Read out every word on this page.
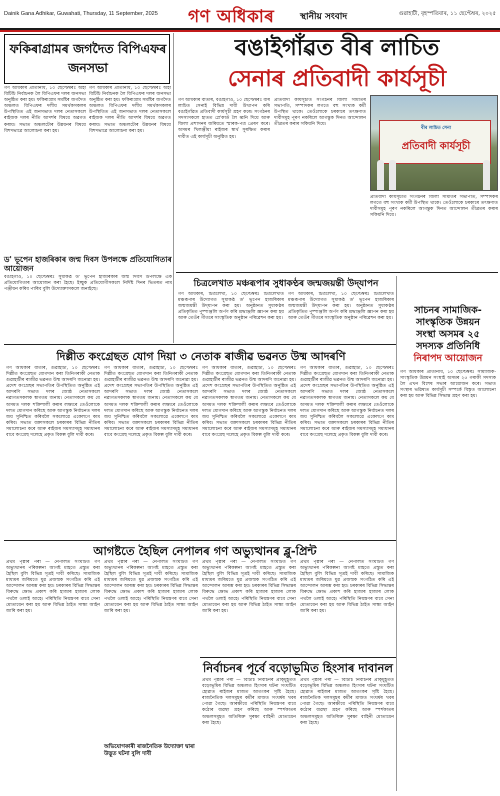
Dainik Gana Adhikar, Guwahati, Thursday, 11 September, 2025 গণ অধিকাৰ	স্থানীয় সংবাদ	গুৱাহাটী, বৃহস্পতিবাৰ, ১১ ছেপ্টেম্বৰ, ২০২৫
ফকিৰাগ্ৰামৰ জগদৈত বিপিএফৰ জনসভা
গণ অধিকাৰ প্ৰতিনিধি, ১০ ছেপ্টেম্বৰঃ অহা বিটিচি নিৰ্বাচনক লৈ বিপিএফৰ দলৰ জনসভা অনুষ্ঠিত কৰা হয়। ফকিৰাগ্ৰাম সমষ্টিৰ জগদৈত অঞ্চলত বিপিএফৰ দলীয় সমৰ্থকসকলৰ উপস্থিতিত এই জনসভাত দলৰ নেতাসকলে ৰাইজক দলৰ নীতি আদৰ্শৰ বিষয়ে অৱগত কৰায়। সভাত অঞ্চলটোৰ উন্নয়নৰ বিষয়ে বিশদভাৱে আলোচনা কৰা হয়।
গণ অধিকাৰ প্ৰতিনিধি, ১০ ছেপ্টেম্বৰঃ অহা বিটিচি নিৰ্বাচনক লৈ বিপিএফৰ দলৰ জনসভা অনুষ্ঠিত কৰা হয়। ফকিৰাগ্ৰাম সমষ্টিৰ জগদৈত অঞ্চলত বিপিএফৰ দলীয় সমৰ্থকসকলৰ উপস্থিতিত এই জনসভাত দলৰ নেতাসকলে ৰাইজক দলৰ নীতি আদৰ্শৰ বিষয়ে অৱগত কৰায়। সভাত অঞ্চলটোৰ উন্নয়নৰ বিষয়ে বিশদভাৱে আলোচনা কৰা হয়।
ড' ভূপেন হাজৰিকাৰ জন্ম দিবস উপলক্ষে প্ৰতিযোগিতাৰ আয়োজন
বঙাইগাঁও, ১০ ছেপ্টেম্বৰঃ সুধাকণ্ঠ ড' ভূপেন হাজৰিকাৰ জন্ম দিবস উপলক্ষে এক প্ৰতিযোগিতাৰ আয়োজন কৰা হৈছে। ইচ্ছুক প্ৰতিযোগীসকলে নিৰ্দিষ্ট দিনৰ ভিতৰত নাম পঞ্জীয়ন কৰিব পাৰিব বুলি উদ্যোক্তাসকলে জনাইছে।
বঙাইগাঁৱত বীৰ লাচিত
সেনাৰ প্ৰতিবাদী কাৰ্যসূচী
গণ অধিকাৰ বাতৰি, বঙাইগাঁও, ১০ ছেপ্টেম্বৰঃ বীৰ লাচিত সেনাই বিভিন্ন দাবী উত্থাপন কৰি বঙাইগাঁৱত প্ৰতিবাদী কাৰ্যসূচী গ্ৰহণ কৰে। সংগঠনৰ সদস্যসকলে হাতত প্লে'কাৰ্ড লৈ ধ্বনি দিয়ে আৰু জিলা প্ৰশাসনৰ জৰিয়তে স্মাৰক-পত্ৰ প্ৰেৰণ কৰে। অসমৰ খিলঞ্জীয়া ৰাইজৰ স্বাৰ্থ সুৰক্ষিত কৰাৰ দাবীত এই কাৰ্যসূচী অনুষ্ঠিত হয়।
প্ৰতিবাদী কাৰ্যসূচীত সংগঠনৰ জিলা সমিতিৰ সভাপতি, সম্পাদকৰ লগতে বহু সংখ্যক কৰ্মী উপস্থিত থাকে। তেওঁলোকে চৰকাৰে তৎক্ষণাত দাবীসমূহ পূৰণ নকৰিলে আগন্তুক দিনত আন্দোলন তীব্ৰতৰ কৰাৰ সকিয়নি দিয়ে।
বীৰ লাচিত সেনা
প্ৰতিবাদী কাৰ্যসূচী
প্ৰতিবাদী কাৰ্যসূচীত সংগঠনৰ জিলা সমিতিৰ সভাপতি, সম্পাদকৰ লগতে বহু সংখ্যক কৰ্মী উপস্থিত থাকে। তেওঁলোকে চৰকাৰে তৎক্ষণাত দাবীসমূহ পূৰণ নকৰিলে আগন্তুক দিনত আন্দোলন তীব্ৰতৰ কৰাৰ সকিয়নি দিয়ে।
চিত্ৰলেখাত মঞ্চৰূপাৰ সুধাকণ্ঠৰ জন্মজয়ন্তী উদ্‌যাপন
গণ অধিকাৰ, চিত্ৰলেখা, ১০ ছেপ্টেম্বৰঃ চিত্ৰলেখাত মঞ্চৰূপাৰ উদ্যোগত সুধাকণ্ঠ ড' ভূপেন হাজৰিকাৰ জন্মজয়ন্তী উদ্‌যাপন কৰা হয়। অনুষ্ঠানত সুধাকণ্ঠৰ প্ৰতিকৃতিত পুষ্পাঞ্জলি অৰ্পণ কৰি শ্ৰদ্ধাঞ্জলি জ্ঞাপন কৰা হয় আৰু তেওঁৰ গীতৰে সাংস্কৃতিক অনুষ্ঠান পৰিৱেশন কৰা হয়।
গণ অধিকাৰ, চিত্ৰলেখা, ১০ ছেপ্টেম্বৰঃ চিত্ৰলেখাত মঞ্চৰূপাৰ উদ্যোগত সুধাকণ্ঠ ড' ভূপেন হাজৰিকাৰ জন্মজয়ন্তী উদ্‌যাপন কৰা হয়। অনুষ্ঠানত সুধাকণ্ঠৰ প্ৰতিকৃতিত পুষ্পাঞ্জলি অৰ্পণ কৰি শ্ৰদ্ধাঞ্জলি জ্ঞাপন কৰা হয় আৰু তেওঁৰ গীতৰে সাংস্কৃতিক অনুষ্ঠান পৰিৱেশন কৰা হয়।
সাচনৰ সামাজিক-
সাংস্কৃতিক উন্নয়ন
সংস্থা অসমৰ ২৫
সদস্যক প্ৰতিনিধি
নিৰাপদ আয়োজন
গণ অধিকাৰ প্ৰতিনিধি, ১০ ছেপ্টেম্বৰঃ সামাজিক-সাংস্কৃতিক উন্নয়ন সংস্থাই অসমৰ ২৫ গৰাকী সদস্যক লৈ এখন বিশেষ সভাৰ আয়োজন কৰে। সভাত সংস্থাৰ ভৱিষ্যত কাৰ্যসূচী সম্পৰ্কে বিস্তৃত আলোচনা কৰা হয় আৰু বিভিন্ন সিদ্ধান্ত গ্ৰহণ কৰা হয়।
দিল্লীত কংগ্ৰেছত যোগ দিয়া ৩ নেতাক ৰাজীৱ ভৱনত উষ্ম আদৰণি
গণ অধিকাৰ বাতৰি, গুৱাহাটী, ১০ ছেপ্টেম্বৰঃ দিল্লীত কংগ্ৰেছত যোগদান কৰা তিনিগৰাকী নেতাক গুৱাহাটীৰ ৰাজীৱ ভৱনত উষ্ম আদৰণি জনোৱা হয়। প্ৰদেশ কংগ্ৰেছৰ সভাপতিৰ উপস্থিতিত অনুষ্ঠিত এই আদৰণি সভাত দলৰ জ্যেষ্ঠ নেতাসকলে নৱাগতসকলক স্বাগতম জনায়। নেতাসকলে কয় যে অসমত দলক শক্তিশালী কৰাৰ লক্ষ্যৰে তেওঁলোকে দলত যোগদান কৰিছে আৰু আগন্তুক নিৰ্বাচনত দলৰ জয় সুনিশ্চিত কৰিবলৈ সকলোৱে একেলগে কাম কৰিব। সভাত বক্তাসকলে চৰকাৰৰ বিভিন্ন নীতিৰ সমালোচনা কৰে আৰু ৰাইজৰ সমস্যাসমূহ সমাধানৰ বাবে কংগ্ৰেছ দলেহে প্ৰকৃত বিকল্প বুলি দাবী কৰে।
গণ অধিকাৰ বাতৰি, গুৱাহাটী, ১০ ছেপ্টেম্বৰঃ দিল্লীত কংগ্ৰেছত যোগদান কৰা তিনিগৰাকী নেতাক গুৱাহাটীৰ ৰাজীৱ ভৱনত উষ্ম আদৰণি জনোৱা হয়। প্ৰদেশ কংগ্ৰেছৰ সভাপতিৰ উপস্থিতিত অনুষ্ঠিত এই আদৰণি সভাত দলৰ জ্যেষ্ঠ নেতাসকলে নৱাগতসকলক স্বাগতম জনায়। নেতাসকলে কয় যে অসমত দলক শক্তিশালী কৰাৰ লক্ষ্যৰে তেওঁলোকে দলত যোগদান কৰিছে আৰু আগন্তুক নিৰ্বাচনত দলৰ জয় সুনিশ্চিত কৰিবলৈ সকলোৱে একেলগে কাম কৰিব। সভাত বক্তাসকলে চৰকাৰৰ বিভিন্ন নীতিৰ সমালোচনা কৰে আৰু ৰাইজৰ সমস্যাসমূহ সমাধানৰ বাবে কংগ্ৰেছ দলেহে প্ৰকৃত বিকল্প বুলি দাবী কৰে।
গণ অধিকাৰ বাতৰি, গুৱাহাটী, ১০ ছেপ্টেম্বৰঃ দিল্লীত কংগ্ৰেছত যোগদান কৰা তিনিগৰাকী নেতাক গুৱাহাটীৰ ৰাজীৱ ভৱনত উষ্ম আদৰণি জনোৱা হয়। প্ৰদেশ কংগ্ৰেছৰ সভাপতিৰ উপস্থিতিত অনুষ্ঠিত এই আদৰণি সভাত দলৰ জ্যেষ্ঠ নেতাসকলে নৱাগতসকলক স্বাগতম জনায়। নেতাসকলে কয় যে অসমত দলক শক্তিশালী কৰাৰ লক্ষ্যৰে তেওঁলোকে দলত যোগদান কৰিছে আৰু আগন্তুক নিৰ্বাচনত দলৰ জয় সুনিশ্চিত কৰিবলৈ সকলোৱে একেলগে কাম কৰিব। সভাত বক্তাসকলে চৰকাৰৰ বিভিন্ন নীতিৰ সমালোচনা কৰে আৰু ৰাইজৰ সমস্যাসমূহ সমাধানৰ বাবে কংগ্ৰেছ দলেহে প্ৰকৃত বিকল্প বুলি দাবী কৰে।
গণ অধিকাৰ বাতৰি, গুৱাহাটী, ১০ ছেপ্টেম্বৰঃ দিল্লীত কংগ্ৰেছত যোগদান কৰা তিনিগৰাকী নেতাক গুৱাহাটীৰ ৰাজীৱ ভৱনত উষ্ম আদৰণি জনোৱা হয়। প্ৰদেশ কংগ্ৰেছৰ সভাপতিৰ উপস্থিতিত অনুষ্ঠিত এই আদৰণি সভাত দলৰ জ্যেষ্ঠ নেতাসকলে নৱাগতসকলক স্বাগতম জনায়। নেতাসকলে কয় যে অসমত দলক শক্তিশালী কৰাৰ লক্ষ্যৰে তেওঁলোকে দলত যোগদান কৰিছে আৰু আগন্তুক নিৰ্বাচনত দলৰ জয় সুনিশ্চিত কৰিবলৈ সকলোৱে একেলগে কাম কৰিব। সভাত বক্তাসকলে চৰকাৰৰ বিভিন্ন নীতিৰ সমালোচনা কৰে আৰু ৰাইজৰ সমস্যাসমূহ সমাধানৰ বাবে কংগ্ৰেছ দলেহে প্ৰকৃত বিকল্প বুলি দাবী কৰে।
আগষ্টতে হৈছিল নেপালৰ গণ অভ্যুত্থানৰ ব্লু-প্ৰিন্ট
প্ৰথম পৃষ্ঠাৰ পৰা — নেপালত সংঘটিত গণ অভ্যুত্থানৰ পৰিকল্পনা আগষ্ট মাহতে প্ৰস্তুত কৰা হৈছিল বুলি বিভিন্ন সূত্ৰই দাবী কৰিছে। সামাজিক মাধ্যমৰ জৰিয়তে যুৱ প্ৰজন্মক সংগঠিত কৰি এই আন্দোলন আৰম্ভ কৰা হয়। চৰকাৰৰ বিভিন্ন সিদ্ধান্তৰ বিৰুদ্ধে ক্ষোভ প্ৰকাশ কৰি হাজাৰ হাজাৰ লোক পথলৈ ওলাই আহে। পৰিস্থিতি নিয়ন্ত্ৰণৰ বাবে সেনা মোতায়েন কৰা হয় আৰু বিভিন্ন ঠাইত সান্ধ্য আইন জাৰি কৰা হয়।
প্ৰথম পৃষ্ঠাৰ পৰা — নেপালত সংঘটিত গণ অভ্যুত্থানৰ পৰিকল্পনা আগষ্ট মাহতে প্ৰস্তুত কৰা হৈছিল বুলি বিভিন্ন সূত্ৰই দাবী কৰিছে। সামাজিক মাধ্যমৰ জৰিয়তে যুৱ প্ৰজন্মক সংগঠিত কৰি এই আন্দোলন আৰম্ভ কৰা হয়। চৰকাৰৰ বিভিন্ন সিদ্ধান্তৰ বিৰুদ্ধে ক্ষোভ প্ৰকাশ কৰি হাজাৰ হাজাৰ লোক পথলৈ ওলাই আহে। পৰিস্থিতি নিয়ন্ত্ৰণৰ বাবে সেনা মোতায়েন কৰা হয় আৰু বিভিন্ন ঠাইত সান্ধ্য আইন জাৰি কৰা হয়।
অভিযোগকাৰী ৰাজনৈতিক উদ্যোক্তা দ্বাৰা উদ্ভূত ঘটনা বুলি দাবী
প্ৰথম পৃষ্ঠাৰ পৰা — নেপালত সংঘটিত গণ অভ্যুত্থানৰ পৰিকল্পনা আগষ্ট মাহতে প্ৰস্তুত কৰা হৈছিল বুলি বিভিন্ন সূত্ৰই দাবী কৰিছে। সামাজিক মাধ্যমৰ জৰিয়তে যুৱ প্ৰজন্মক সংগঠিত কৰি এই আন্দোলন আৰম্ভ কৰা হয়। চৰকাৰৰ বিভিন্ন সিদ্ধান্তৰ বিৰুদ্ধে ক্ষোভ প্ৰকাশ কৰি হাজাৰ হাজাৰ লোক পথলৈ ওলাই আহে। পৰিস্থিতি নিয়ন্ত্ৰণৰ বাবে সেনা মোতায়েন কৰা হয় আৰু বিভিন্ন ঠাইত সান্ধ্য আইন জাৰি কৰা হয়।
প্ৰথম পৃষ্ঠাৰ পৰা — নেপালত সংঘটিত গণ অভ্যুত্থানৰ পৰিকল্পনা আগষ্ট মাহতে প্ৰস্তুত কৰা হৈছিল বুলি বিভিন্ন সূত্ৰই দাবী কৰিছে। সামাজিক মাধ্যমৰ জৰিয়তে যুৱ প্ৰজন্মক সংগঠিত কৰি এই আন্দোলন আৰম্ভ কৰা হয়। চৰকাৰৰ বিভিন্ন সিদ্ধান্তৰ বিৰুদ্ধে ক্ষোভ প্ৰকাশ কৰি হাজাৰ হাজাৰ লোক পথলৈ ওলাই আহে। পৰিস্থিতি নিয়ন্ত্ৰণৰ বাবে সেনা মোতায়েন কৰা হয় আৰু বিভিন্ন ঠাইত সান্ধ্য আইন জাৰি কৰা হয়।
নিৰ্বাচনৰ পূৰ্বে বড়োভূমিত হিংসাৰ দাবানল
প্ৰথম পৃষ্ঠাৰ পৰা — বিটিচি নিৰ্বাচনৰ প্ৰাক্‌মুহূৰ্তত বড়োভূমিৰ বিভিন্ন অঞ্চলত হিংসাৰ ঘটনা সংঘটিত হোৱাত ৰাইজৰ মাজত আতংকৰ সৃষ্টি হৈছে। ৰাজনৈতিক দলসমূহৰ কৰ্মীৰ মাজত সংঘৰ্ষৰ খবৰ পোৱা গৈছে। আৰক্ষীয়ে পৰিস্থিতি নিয়ন্ত্ৰণৰ বাবে কঠোৰ ব্যৱস্থা গ্ৰহণ কৰিছে আৰু স্পৰ্শকাতৰ অঞ্চলসমূহত অতিৰিক্ত সুৰক্ষা বাহিনী মোতায়েন কৰা হৈছে।
প্ৰথম পৃষ্ঠাৰ পৰা — বিটিচি নিৰ্বাচনৰ প্ৰাক্‌মুহূৰ্তত বড়োভূমিৰ বিভিন্ন অঞ্চলত হিংসাৰ ঘটনা সংঘটিত হোৱাত ৰাইজৰ মাজত আতংকৰ সৃষ্টি হৈছে। ৰাজনৈতিক দলসমূহৰ কৰ্মীৰ মাজত সংঘৰ্ষৰ খবৰ পোৱা গৈছে। আৰক্ষীয়ে পৰিস্থিতি নিয়ন্ত্ৰণৰ বাবে কঠোৰ ব্যৱস্থা গ্ৰহণ কৰিছে আৰু স্পৰ্শকাতৰ অঞ্চলসমূহত অতিৰিক্ত সুৰক্ষা বাহিনী মোতায়েন কৰা হৈছে।
